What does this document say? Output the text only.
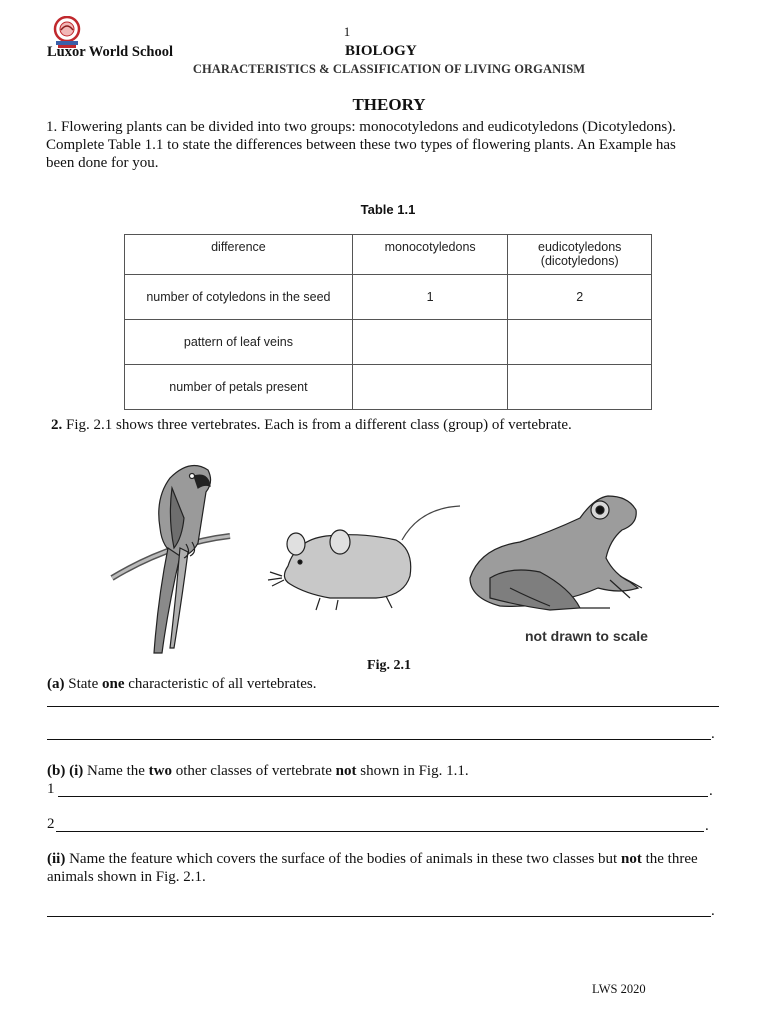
1
Luxor World School	BIOLOGY
CHARACTERISTICS & CLASSIFICATION OF LIVING ORGANISM
THEORY

1. Flowering plants can be divided into two groups: monocotyledons and eudicotyledons (Dicotyledons).

Complete Table 1.1 to state the differences between these two types of flowering plants. An Example has been done for you.

Table 1.1
difference	monocotyledons	eudicotyledons
(dicotyledons)
number of cotyledons in the seed	1	2
pattern of leaf veins		
number of petals present		
2. Fig. 2.1 shows three vertebrates. Each is from a different class (group) of vertebrate.
not drawn to scale
Fig. 2.1
(a) State one characteristic of all vertebrates.
.
(b) (i) Name the two other classes of vertebrate not shown in Fig. 1.1.
1	.
2	.
(ii) Name the feature which covers the surface of the bodies of animals in these two classes but not the three animals shown in Fig. 2.1.
.
LWS 2020
